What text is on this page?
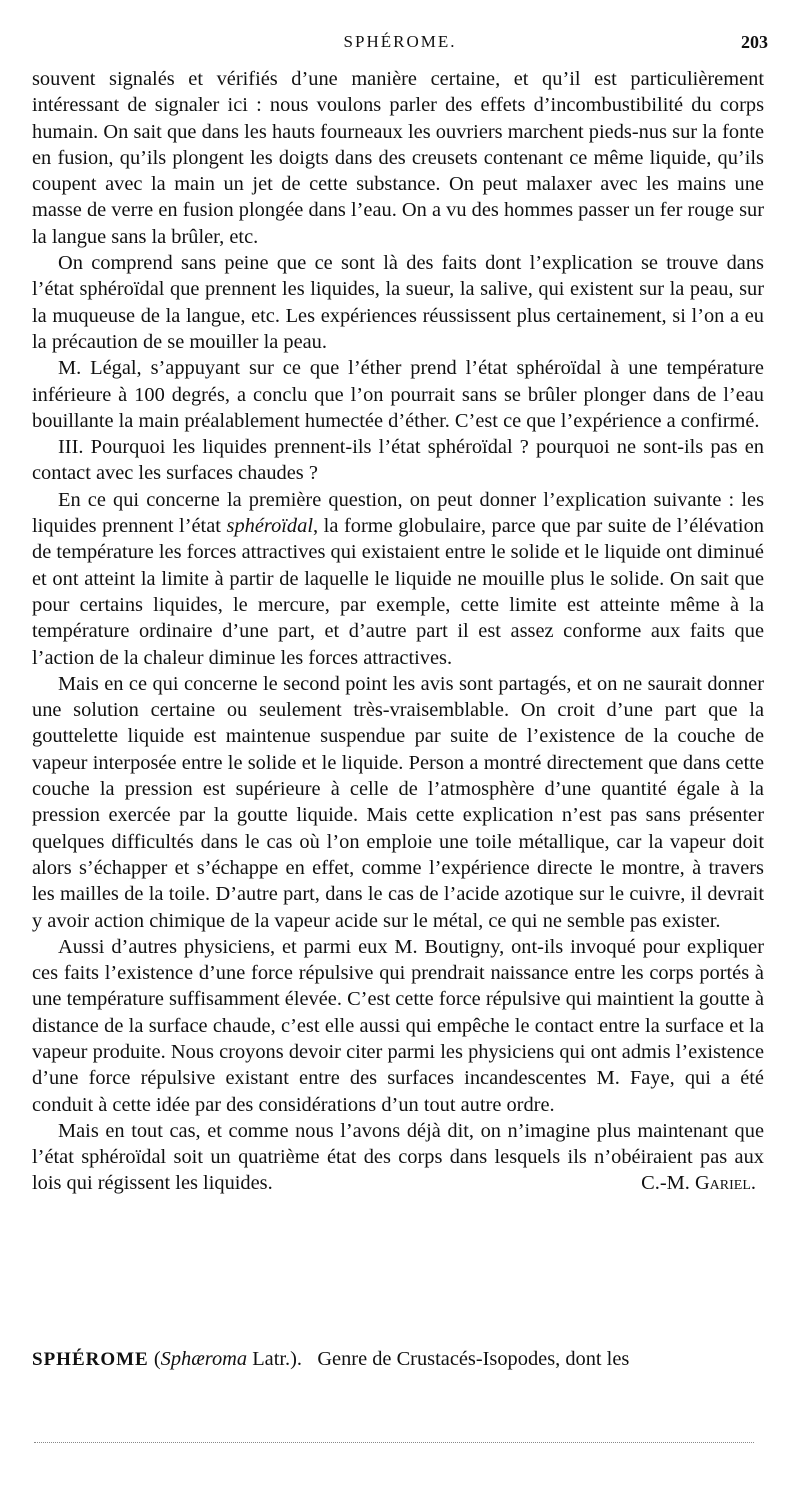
SPHÉROME.	203

souvent signalés et vérifiés d’une manière certaine, et qu’il est particulièrement intéressant de signaler ici : nous voulons parler des effets d’incombustibilité du corps humain. On sait que dans les hauts fourneaux les ouvriers marchent pieds-nus sur la fonte en fusion, qu’ils plongent les doigts dans des creusets contenant ce même liquide, qu’ils coupent avec la main un jet de cette substance. On peut malaxer avec les mains une masse de verre en fusion plongée dans l’eau. On a vu des hommes passer un fer rouge sur la langue sans la brûler, etc.

On comprend sans peine que ce sont là des faits dont l’explication se trouve dans l’état sphéroïdal que prennent les liquides, la sueur, la salive, qui existent sur la peau, sur la muqueuse de la langue, etc. Les expériences réussissent plus certainement, si l’on a eu la précaution de se mouiller la peau.

M. Légal, s’appuyant sur ce que l’éther prend l’état sphéroïdal à une température inférieure à 100 degrés, a conclu que l’on pourrait sans se brûler plonger dans de l’eau bouillante la main préalablement humectée d’éther. C’est ce que l’expérience a confirmé.

III. Pourquoi les liquides prennent-ils l’état sphéroïdal ? pourquoi ne sont-ils pas en contact avec les surfaces chaudes ?

En ce qui concerne la première question, on peut donner l’explication suivante : les liquides prennent l’état sphéroïdal, la forme globulaire, parce que par suite de l’élévation de température les forces attractives qui existaient entre le solide et le liquide ont diminué et ont atteint la limite à partir de laquelle le liquide ne mouille plus le solide. On sait que pour certains liquides, le mercure, par exemple, cette limite est atteinte même à la température ordinaire d’une part, et d’autre part il est assez conforme aux faits que l’action de la chaleur diminue les forces attractives.

Mais en ce qui concerne le second point les avis sont partagés, et on ne saurait donner une solution certaine ou seulement très-vraisemblable. On croit d’une part que la gouttelette liquide est maintenue suspendue par suite de l’existence de la couche de vapeur interposée entre le solide et le liquide. Person a montré directement que dans cette couche la pression est supérieure à celle de l’atmosphère d’une quantité égale à la pression exercée par la goutte liquide. Mais cette explication n’est pas sans présenter quelques difficultés dans le cas où l’on emploie une toile métallique, car la vapeur doit alors s’échapper et s’échappe en effet, comme l’expérience directe le montre, à travers les mailles de la toile. D’autre part, dans le cas de l’acide azotique sur le cuivre, il devrait y avoir action chimique de la vapeur acide sur le métal, ce qui ne semble pas exister.

Aussi d’autres physiciens, et parmi eux M. Boutigny, ont-ils invoqué pour expliquer ces faits l’existence d’une force répulsive qui prendrait naissance entre les corps portés à une température suffisamment élevée. C’est cette force répulsive qui maintient la goutte à distance de la surface chaude, c’est elle aussi qui empêche le contact entre la surface et la vapeur produite. Nous croyons devoir citer parmi les physiciens qui ont admis l’existence d’une force répulsive existant entre des surfaces incandescentes M. Faye, qui a été conduit à cette idée par des considérations d’un tout autre ordre.

Mais en tout cas, et comme nous l’avons déjà dit, on n’imagine plus maintenant que l’état sphéroïdal soit un quatrième état des corps dans lesquels ils n’obéiraient pas aux lois qui régissent les liquides.	C.-M. Gariel.

SPHÉROME (Sphæroma Latr.).   Genre de Crustacés-Isopodes, dont les
